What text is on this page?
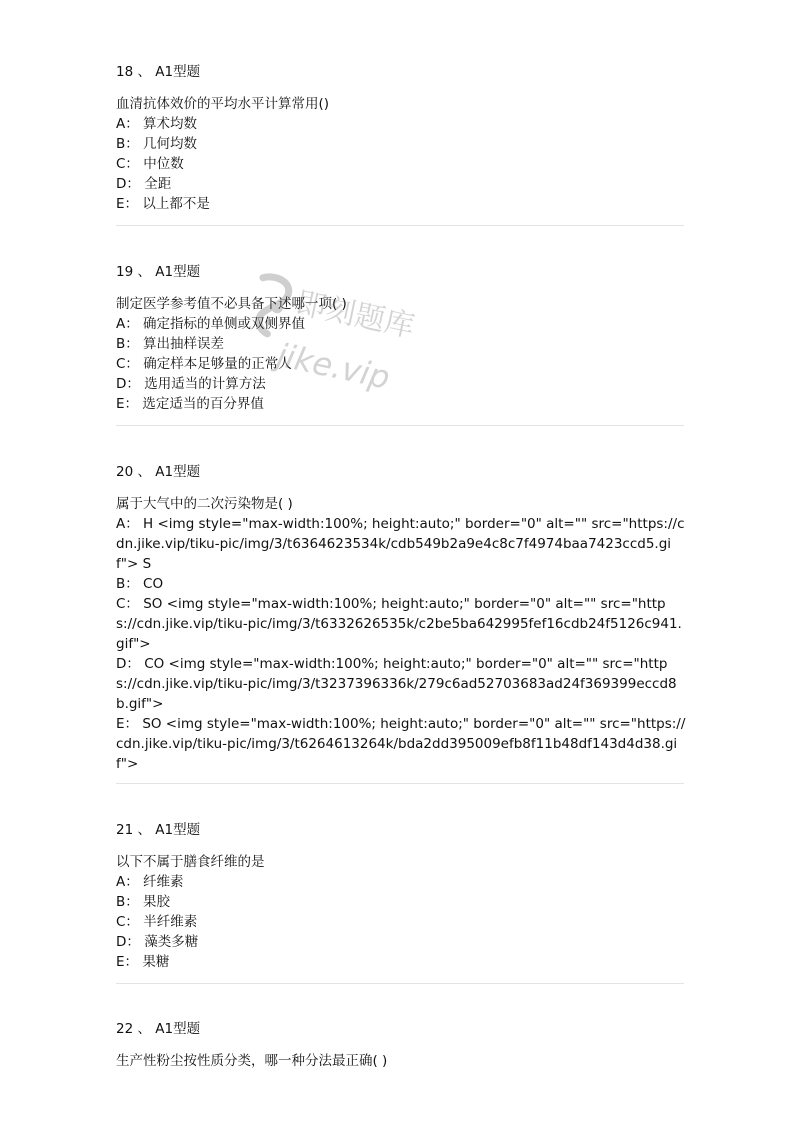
18 、 A1型题
血清抗体效价的平均水平计算常用()
A： 算术均数
B： 几何均数
C： 中位数
D： 全距
E： 以上都不是
19 、 A1型题
制定医学参考值不必具备下述哪一项( )
A： 确定指标的单侧或双侧界值
B： 算出抽样误差
C： 确定样本足够量的正常人
D： 选用适当的计算方法
E： 选定适当的百分界值
20 、 A1型题
属于大气中的二次污染物是( )
A： H <img style="max-width:100%; height:auto;" border="0" alt="" src="https://cdn.jike.vip/tiku-pic/img/3/t6364623534k/cdb549b2a9e4c8c7f4974baa7423ccd5.gif"> S
B： CO
C： SO <img style="max-width:100%; height:auto;" border="0" alt="" src="https://cdn.jike.vip/tiku-pic/img/3/t6332626535k/c2be5ba642995fef16cdb24f5126c941.gif">
D： CO <img style="max-width:100%; height:auto;" border="0" alt="" src="https://cdn.jike.vip/tiku-pic/img/3/t3237396336k/279c6ad52703683ad24f369399eccd8b.gif">
E： SO <img style="max-width:100%; height:auto;" border="0" alt="" src="https://cdn.jike.vip/tiku-pic/img/3/t6264613264k/bda2dd395009efb8f11b48df143d4d38.gif">
21 、 A1型题
以下不属于膳食纤维的是
A： 纤维素
B： 果胶
C： 半纤维素
D： 藻类多糖
E： 果糖
22 、 A1型题
生产性粉尘按性质分类，哪一种分法最正确( )
即刻题库
.jike.vip
